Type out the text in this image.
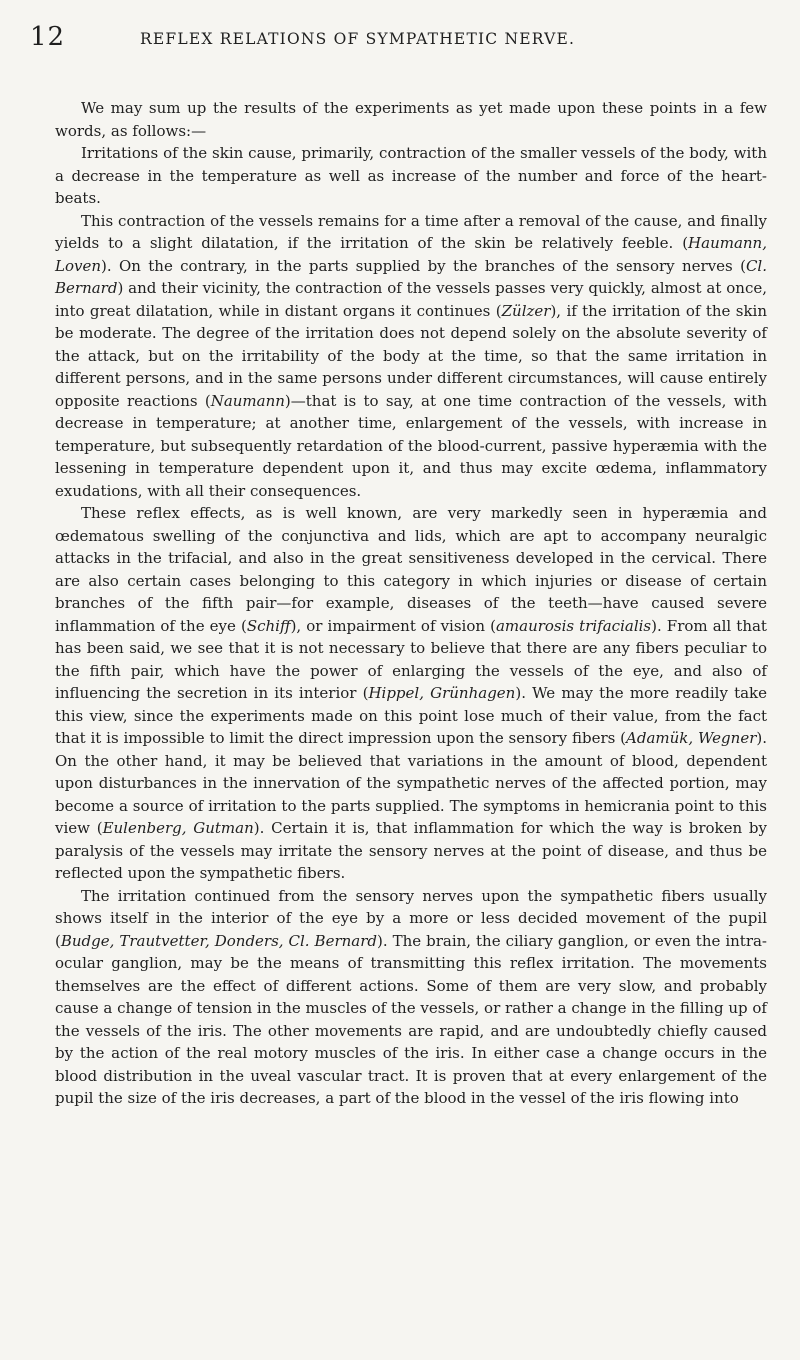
12	REFLEX RELATIONS OF SYMPATHETIC NERVE.

We may sum up the results of the experiments as yet made upon these points in a few words, as follows:—

Irritations of the skin cause, primarily, contraction of the smaller vessels of the body, with a decrease in the temperature as well as increase of the number and force of the heart-beats.

This contraction of the vessels remains for a time after a removal of the cause, and finally yields to a slight dilatation, if the irritation of the skin be relatively feeble. (Haumann, Loven). On the contrary, in the parts supplied by the branches of the sensory nerves (Cl. Bernard) and their vicinity, the contraction of the vessels passes very quickly, almost at once, into great dilatation, while in distant organs it continues (Zülzer), if the irritation of the skin be moderate. The degree of the irritation does not depend solely on the absolute severity of the attack, but on the irritability of the body at the time, so that the same irritation in different persons, and in the same persons under different circumstances, will cause entirely opposite reactions (Naumann)—that is to say, at one time contraction of the vessels, with decrease in temperature; at another time, enlargement of the vessels, with increase in temperature, but subsequently retardation of the blood-current, passive hyperæmia with the lessening in temperature dependent upon it, and thus may excite œdema, inflammatory exudations, with all their consequences.

These reflex effects, as is well known, are very markedly seen in hyperæmia and œdematous swelling of the conjunctiva and lids, which are apt to accompany neuralgic attacks in the trifacial, and also in the great sensitiveness developed in the cervical. There are also certain cases belonging to this category in which injuries or disease of certain branches of the fifth pair—for example, diseases of the teeth—have caused severe inflammation of the eye (Schiff), or impairment of vision (amaurosis trifacialis). From all that has been said, we see that it is not necessary to believe that there are any fibers peculiar to the fifth pair, which have the power of enlarging the vessels of the eye, and also of influencing the secretion in its interior (Hippel, Grünhagen). We may the more readily take this view, since the experiments made on this point lose much of their value, from the fact that it is impossible to limit the direct impression upon the sensory fibers (Adamük, Wegner). On the other hand, it may be believed that variations in the amount of blood, dependent upon disturbances in the innervation of the sympathetic nerves of the affected portion, may become a source of irritation to the parts supplied. The symptoms in hemicrania point to this view (Eulenberg, Gutman). Certain it is, that inflammation for which the way is broken by paralysis of the vessels may irritate the sensory nerves at the point of disease, and thus be reflected upon the sympathetic fibers.

The irritation continued from the sensory nerves upon the sympathetic fibers usually shows itself in the interior of the eye by a more or less decided movement of the pupil (Budge, Trautvetter, Donders, Cl. Bernard). The brain, the ciliary ganglion, or even the intra-ocular ganglion, may be the means of transmitting this reflex irritation. The movements themselves are the effect of different actions. Some of them are very slow, and probably cause a change of tension in the muscles of the vessels, or rather a change in the filling up of the vessels of the iris. The other movements are rapid, and are undoubtedly chiefly caused by the action of the real motory muscles of the iris. In either case a change occurs in the blood distribution in the uveal vascular tract. It is proven that at every enlargement of the pupil the size of the iris decreases, a part of the blood in the vessel of the iris flowing into
